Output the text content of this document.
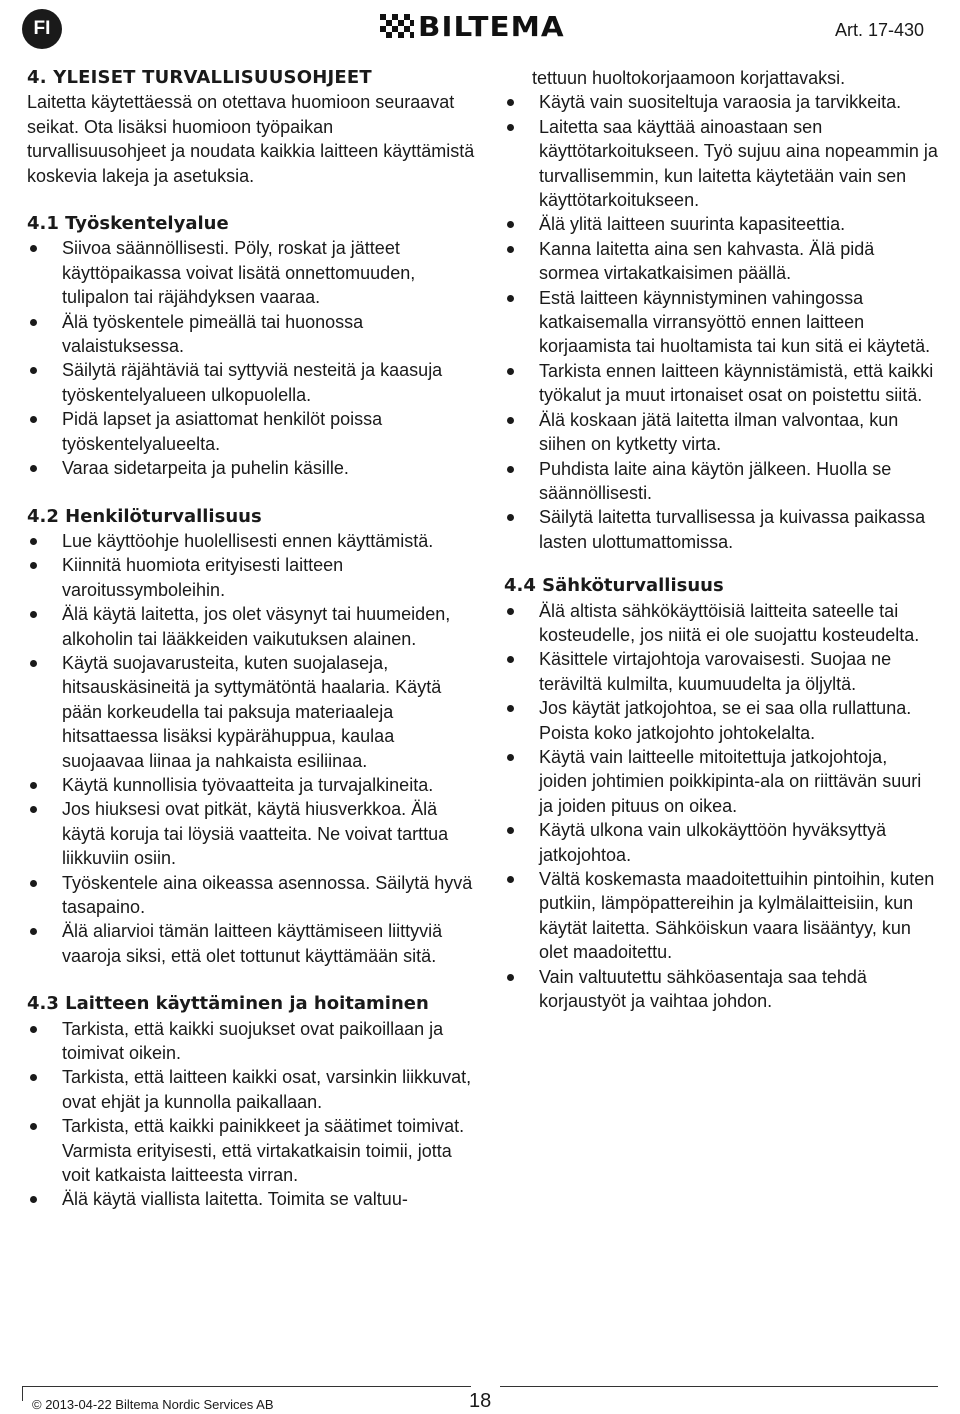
FI	BILTEMA	Art. 17-430
4. YLEISET TURVALLISUUSOHJEET

Laitetta käytettäessä on otettava huomioon seuraavat seikat. Ota lisäksi huomioon työpaikan turvallisuusohjeet ja noudata kaikkia laitteen käyttämistä koskevia lakeja ja asetuksia.

4.1 Työskentelyalue
Siivoa säännöllisesti. Pöly, roskat ja jätteet käyttöpaikassa voivat lisätä onnettomuuden, tulipalon tai räjähdyksen vaaraa.
Älä työskentele pimeällä tai huonossa valaistuksessa.
Säilytä räjähtäviä tai syttyviä nesteitä ja kaasuja työskentelyalueen ulkopuolella.
Pidä lapset ja asiattomat henkilöt poissa työskentelyalueelta.
Varaa sidetarpeita ja puhelin käsille.
4.2 Henkilöturvallisuus
Lue käyttöohje huolellisesti ennen käyttämistä.
Kiinnitä huomiota erityisesti laitteen varoitussymboleihin.
Älä käytä laitetta, jos olet väsynyt tai huumeiden, alkoholin tai lääkkeiden vaikutuksen alainen.
Käytä suojavarusteita, kuten suojalaseja, hitsauskäsineitä ja syttymätöntä haalaria. Käytä pään korkeudella tai paksuja materiaaleja hitsattaessa lisäksi kypärähuppua, kaulaa suojaavaa liinaa ja nahkaista esiliinaa.
Käytä kunnollisia työvaatteita ja turvajalkineita.
Jos hiuksesi ovat pitkät, käytä hiusverkkoa. Älä käytä koruja tai löysiä vaatteita. Ne voivat tarttua liikkuviin osiin.
Työskentele aina oikeassa asennossa. Säilytä hyvä tasapaino.
Älä aliarvioi tämän laitteen käyttämiseen liittyviä vaaroja siksi, että olet tottunut käyttämään sitä.
4.3 Laitteen käyttäminen ja hoitaminen
Tarkista, että kaikki suojukset ovat paikoillaan ja toimivat oikein.
Tarkista, että laitteen kaikki osat, varsinkin liikkuvat, ovat ehjät ja kunnolla paikallaan.
Tarkista, että kaikki painikkeet ja säätimet toimivat. Varmista erityisesti, että virtakatkaisin toimii, jotta voit katkaista laitteesta virran.
Älä käytä viallista laitetta. Toimita se valtuu-

tettuun huoltokorjaamoon korjattavaksi.

Käytä vain suositeltuja varaosia ja tarvikkeita.
Laitetta saa käyttää ainoastaan sen käyttötarkoitukseen. Työ sujuu aina nopeammin ja turvallisemmin, kun laitetta käytetään vain sen käyttötarkoitukseen.
Älä ylitä laitteen suurinta kapasiteettia.
Kanna laitetta aina sen kahvasta. Älä pidä sormea virtakatkaisimen päällä.
Estä laitteen käynnistyminen vahingossa katkaisemalla virransyöttö ennen laitteen korjaamista tai huoltamista tai kun sitä ei käytetä.
Tarkista ennen laitteen käynnistämistä, että kaikki työkalut ja muut irtonaiset osat on poistettu siitä.
Älä koskaan jätä laitetta ilman valvontaa, kun siihen on kytketty virta.
Puhdista laite aina käytön jälkeen. Huolla se säännöllisesti.
Säilytä laitetta turvallisessa ja kuivassa paikassa lasten ulottumattomissa.
4.4 Sähköturvallisuus
Älä altista sähkökäyttöisiä laitteita sateelle tai kosteudelle, jos niitä ei ole suojattu kosteudelta.
Käsittele virtajohtoja varovaisesti. Suojaa ne teräviltä kulmilta, kuumuudelta ja öljyltä.
Jos käytät jatkojohtoa, se ei saa olla rullattuna. Poista koko jatkojohto johtokelalta.
Käytä vain laitteelle mitoitettuja jatkojohtoja, joiden johtimien poikkipinta-ala on riittävän suuri ja joiden pituus on oikea.
Käytä ulkona vain ulkokäyttöön hyväksyttyä jatkojohtoa.
Vältä koskemasta maadoitettuihin pintoihin, kuten putkiin, lämpöpattereihin ja kylmälaitteisiin, kun käytät laitetta. Sähköiskun vaara lisääntyy, kun olet maadoitettu.
Vain valtuutettu sähköasentaja saa tehdä korjaustyöt ja vaihtaa johdon.
© 2013-04-22 Biltema Nordic Services AB	18
